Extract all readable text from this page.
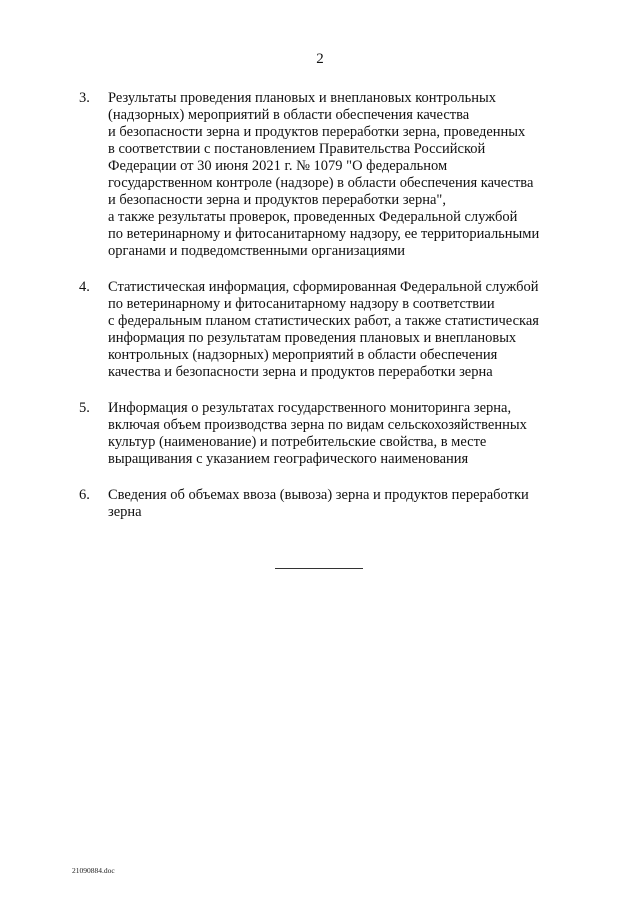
2
3. Результаты проведения плановых и внеплановых контрольных
(надзорных) мероприятий в области обеспечения качества
и безопасности зерна и продуктов переработки зерна, проведенных
в соответствии с постановлением Правительства Российской
Федерации от 30 июня 2021 г. № 1079 "О федеральном
государственном контроле (надзоре) в области обеспечения качества
и безопасности зерна и продуктов переработки зерна",
а также результаты проверок, проведенных Федеральной службой
по ветеринарному и фитосанитарному надзору, ее территориальными
органами и подведомственными организациями
4. Статистическая информация, сформированная Федеральной службой
по ветеринарному и фитосанитарному надзору в соответствии
с федеральным планом статистических работ, а также статистическая
информация по результатам проведения плановых и внеплановых
контрольных (надзорных) мероприятий в области обеспечения
качества и безопасности зерна и продуктов переработки зерна
5. Информация о результатах государственного мониторинга зерна,
включая объем производства зерна по видам сельскохозяйственных
культур (наименование) и потребительские свойства, в месте
выращивания с указанием географического наименования
6. Сведения об объемах ввоза (вывоза) зерна и продуктов переработки
зерна
21090884.doc
